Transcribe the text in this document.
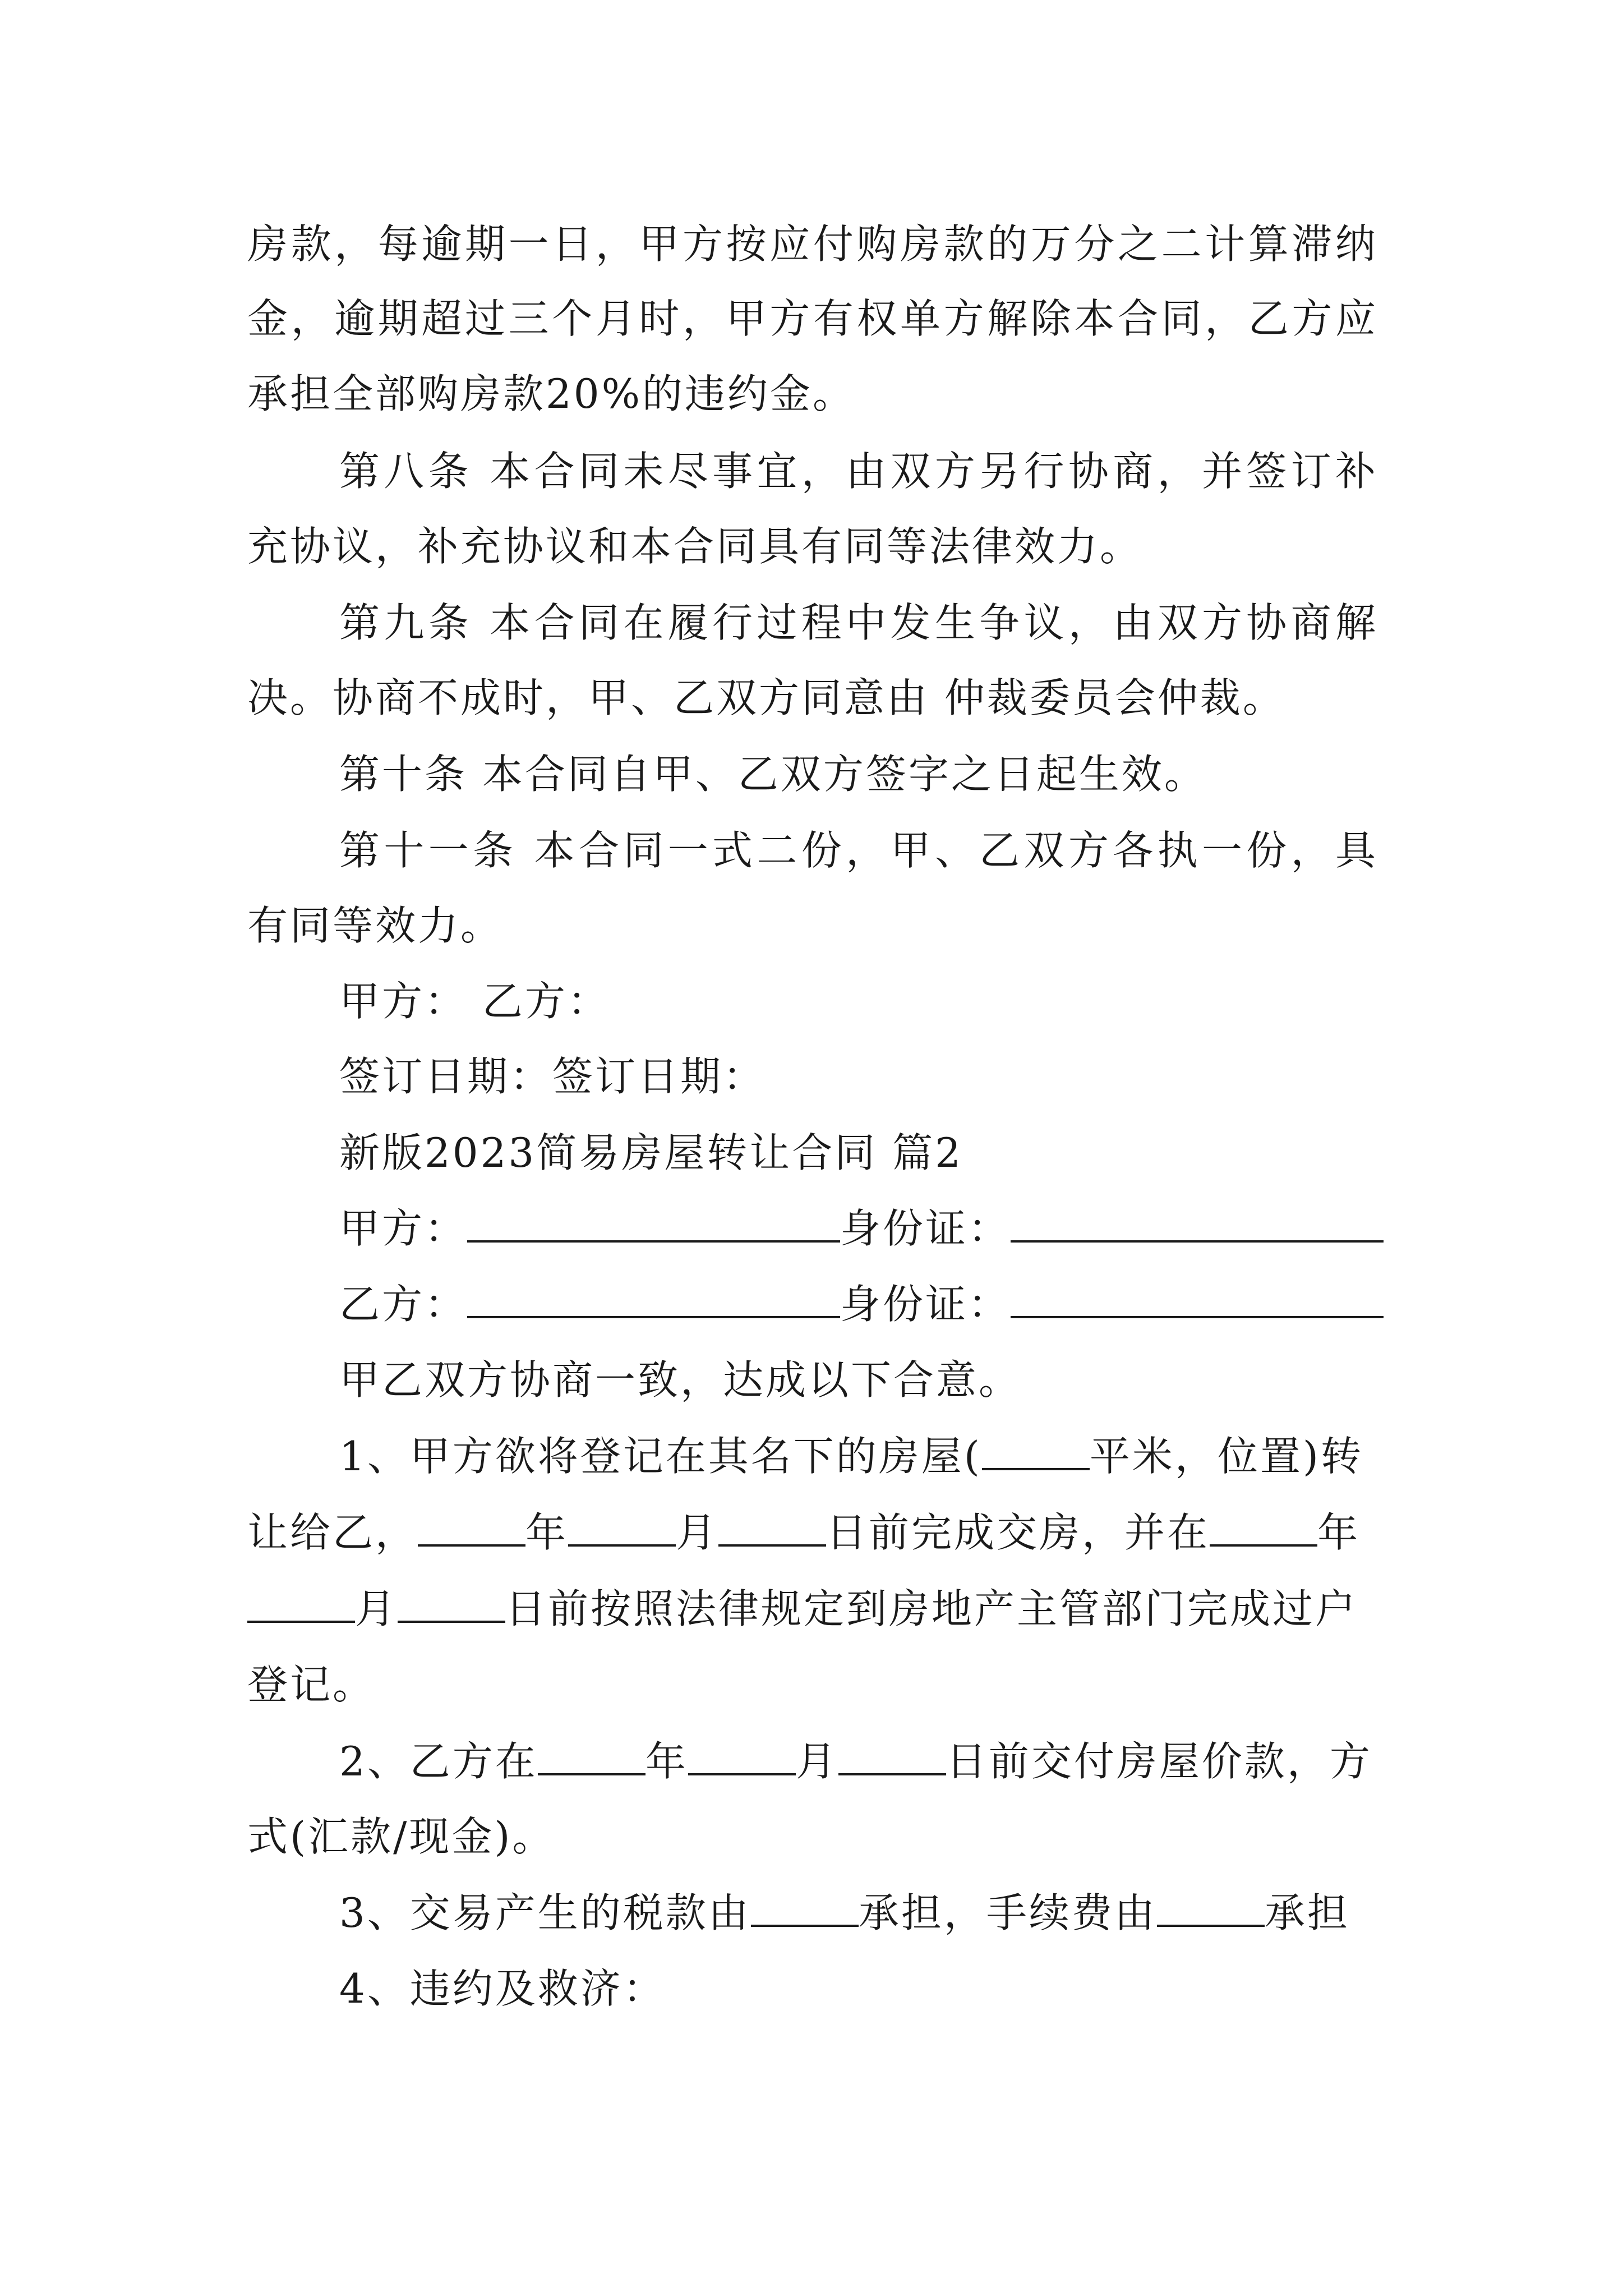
房款，每逾期一日，甲方按应付购房款的万分之二计算滞纳
金，逾期超过三个月时，甲方有权单方解除本合同，乙方应
承担全部购房款20%的违约金。
第八条 本合同未尽事宜，由双方另行协商，并签订补
充协议，补充协议和本合同具有同等法律效力。
第九条 本合同在履行过程中发生争议，由双方协商解
决。协商不成时，甲、乙双方同意由 仲裁委员会仲裁。
第十条 本合同自甲、乙双方签字之日起生效。
第十一条 本合同一式二份，甲、乙双方各执一份，具
有同等效力。
甲方： 乙方：
签订日期：签订日期：
新版2023简易房屋转让合同 篇2
甲方：	身份证：
乙方：	身份证：
甲乙双方协商一致，达成以下合意。
1、甲方欲将登记在其名下的房屋(	平米，位置)转
让给乙，	年	月	日前完成交房，并在	年
月	日前按照法律规定到房地产主管部门完成过户
登记。
2、乙方在	年	月	日前交付房屋价款，方
式(汇款/现金)。
3、交易产生的税款由	承担，手续费由	承担
4、违约及救济：
